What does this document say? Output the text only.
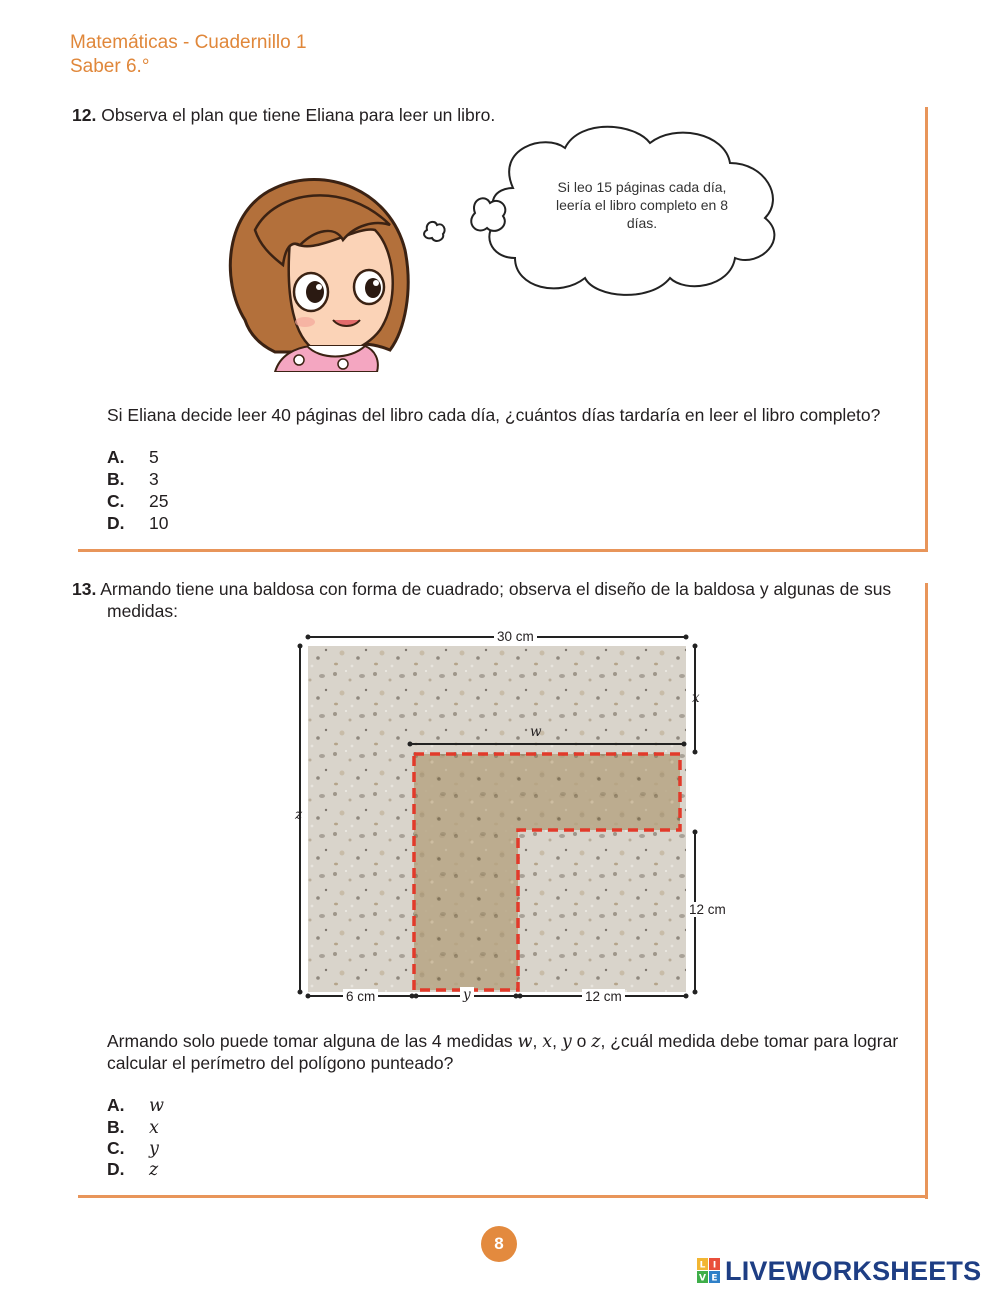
Matemáticas - Cuadernillo 1
Saber 6.°
12. Observa el plan que tiene Eliana para leer un libro.
Si leo 15 páginas cada día, leería el libro completo en 8 días.
Si Eliana decide leer 40 páginas del libro cada día, ¿cuántos días tardaría en leer el libro completo?
A. 5
B. 3
C. 25
D. 10
13. Armando tiene una baldosa con forma de cuadrado; observa el diseño de la baldosa y algunas de sus
medidas:
30 cm
w
x
z
12 cm
6 cm	y	12 cm
Armando solo puede tomar alguna de las 4 medidas w, x, y o z, ¿cuál medida debe tomar para lograr
calcular el perímetro del polígono punteado?
A. w
B. x
C. y
D. z
8
L I
V E LIVEWORKSHEETS
